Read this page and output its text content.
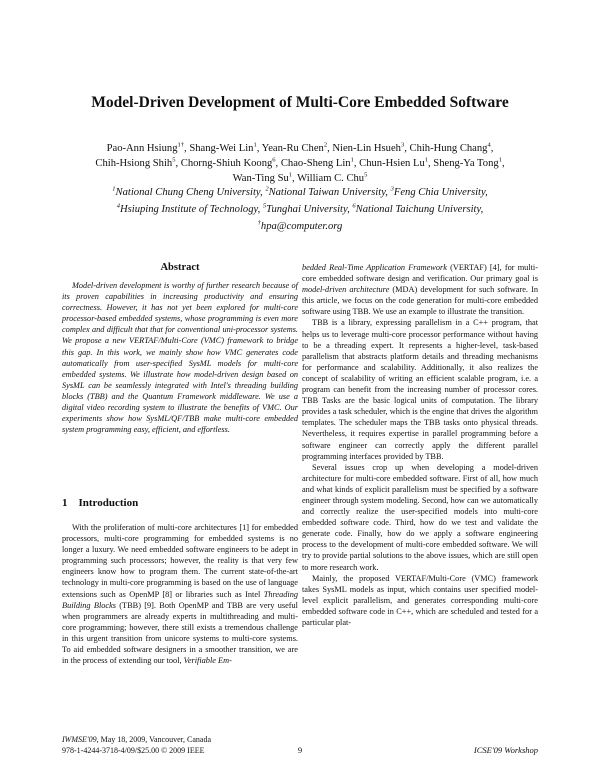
Model-Driven Development of Multi-Core Embedded Software
Pao-Ann Hsiung$^{1\dagger}$, Shang-Wei Lin$^1$, Yean-Ru Chen$^2$, Nien-Lin Hsueh$^3$, Chih-Hung Chang$^4$,
Chih-Hsiong Shih$^5$, Chorng-Shiuh Koong$^6$, Chao-Sheng Lin$^1$, Chun-Hsien Lu$^1$, Sheng-Ya Tong$^1$,
Wan-Ting Su$^1$, William C. Chu$^5$
$^1$National Chung Cheng University, $^2$National Taiwan University, $^3$Feng Chia University,
$^4$Hsiuping Institute of Technology, $^5$Tunghai University, $^6$National Taichung University,
†hpa@computer.org
Abstract

Model-driven development is worthy of further research because of its proven capabilities in increasing productivity and ensuring correctness. However, it has not yet been explored for multi-core processor-based embedded systems, whose programming is even more complex and difficult that that for conventional uni-processor systems. We propose a new VERTAF/Multi-Core (VMC) framework to bridge this gap. In this work, we mainly show how VMC generates code automatically from user-specified SysML models for multi-core embedded systems. We illustrate how model-driven design based on SysML can be seamlessly integrated with Intel's threading building blocks (TBB) and the Quantum Framework middleware. We use a digital video recording system to illustrate the benefits of VMC. Our experiments show how SysML/QF/TBB make multi-core embedded system programming easy, efficient, and effortless.

1 Introduction

With the proliferation of multi-core architectures [1] for embedded processors, multi-core programming for embedded systems is no longer a luxury. We need embedded software engineers to be adept in programming such processors; however, the reality is that very few engineers know how to program them. The current state-of-the-art technology in multi-core programming is based on the use of language extensions such as OpenMP [8] or libraries such as Intel Threading Building Blocks (TBB) [9]. Both OpenMP and TBB are very useful when programmers are already experts in multithreading and multi-core programming; however, there still exists a tremendous challenge in this urgent transition from unicore systems to multi-core systems. To aid embedded software designers in a smoother transition, we are in the process of extending our tool, Verifiable Em-

bedded Real-Time Application Framework (VERTAF) [4], for multi-core embedded software design and verification. Our primary goal is model-driven architecture (MDA) development for such software. In this article, we focus on the code generation for multi-core embedded software using TBB. We use an example to illustrate the transition.

TBB is a library, expressing parallelism in a C++ program, that helps us to leverage multi-core processor performance without having to be a threading expert. It represents a higher-level, task-based parallelism that abstracts platform details and threading mechanisms for performance and scalability. Additionally, it also realizes the concept of scalability of writing an efficient scalable program, i.e. a program can benefit from the increasing number of processor cores. TBB Tasks are the basic logical units of computation. The library provides a task scheduler, which is the engine that drives the algorithm templates. The scheduler maps the TBB tasks onto physical threads. Nevertheless, it requires expertise in parallel programming before a software engineer can correctly apply the different parallel programming interfaces provided by TBB.

Several issues crop up when developing a model-driven architecture for multi-core embedded software. First of all, how much and what kinds of explicit parallelism must be specified by a software engineer through system modeling. Second, how can we automatically and correctly realize the user-specified models into multi-core embedded software code. Third, how do we test and validate the generate code. Finally, how do we apply a software engineering process to the development of multi-core embedded software. We will try to provide partial solutions to the above issues, which are still open to more research work.

Mainly, the proposed VERTAF/Multi-Core (VMC) framework takes SysML models as input, which contains user specified model-level explicit parallelism, and generates corresponding multi-core embedded software code in C++, which are scheduled and tested for a particular plat-

IWMSE'09, May 18, 2009, Vancouver, Canada
978-1-4244-3718-4/09/$25.00 © 2009 IEEE	9	ICSE'09 Workshop
